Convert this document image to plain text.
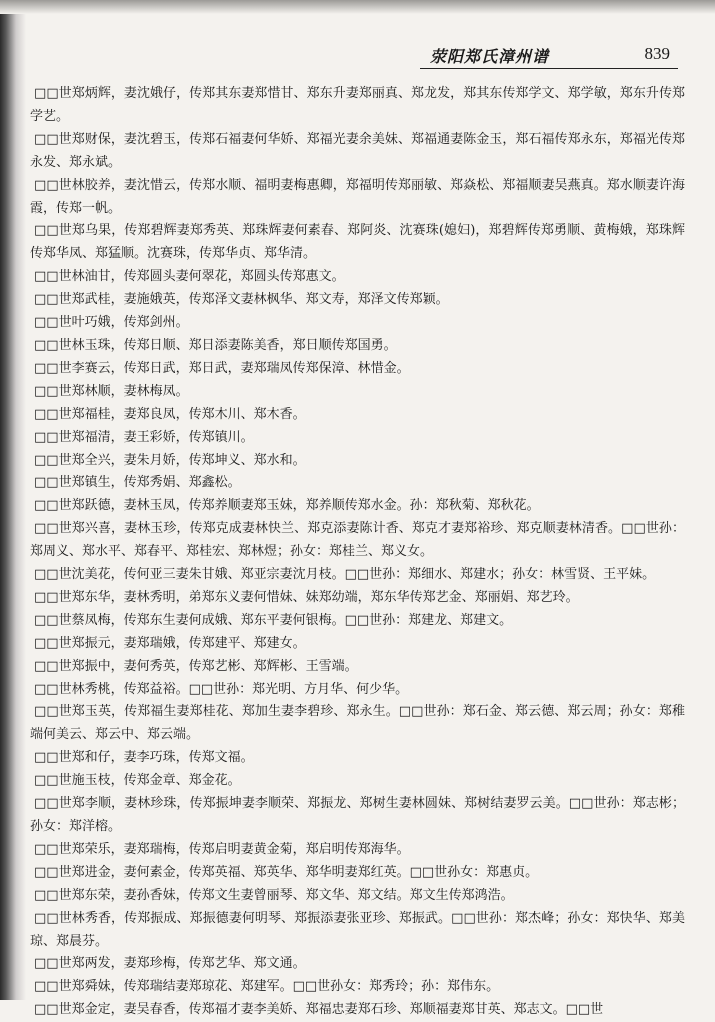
荥阳郑氏漳州谱	839

□□世郑炳辉，妻沈娥仔，传郑其东妻郑惜甘、郑东升妻郑丽真、郑龙发，郑其东传郑学文、郑学敏，郑东升传郑学艺。

□□世郑财保，妻沈碧玉，传郑石福妻何华娇、郑福光妻余美妹、郑福通妻陈金玉，郑石福传郑永东，郑福光传郑永发、郑永斌。

□□世林胶养，妻沈惜云，传郑水顺、福明妻梅惠卿，郑福明传郑丽敏、郑焱松、郑福顺妻吴燕真。郑水顺妻许海霞，传郑一帆。

□□世郑乌果，传郑碧辉妻郑秀英、郑珠辉妻何素春、郑阿炎、沈赛珠(媳妇)，郑碧辉传郑勇顺、黄梅娥，郑珠辉传郑华凤、郑猛顺。沈赛珠，传郑华贞、郑华清。

□□世林油甘，传郑圆头妻何翠花，郑圆头传郑惠文。

□□世郑武桂，妻施娥英，传郑泽文妻林枫华、郑文寿，郑泽文传郑颖。

□□世叶巧娥，传郑剑州。

□□世林玉珠，传郑日顺、郑日添妻陈美香，郑日顺传郑国勇。

□□世李赛云，传郑日武，郑日武，妻郑瑞凤传郑保漳、林惜金。

□□世郑林顺，妻林梅凤。

□□世郑福桂，妻郑良凤，传郑木川、郑木香。

□□世郑福清，妻王彩娇，传郑镇川。

□□世郑全兴，妻朱月娇，传郑坤义、郑水和。

□□世郑镇生，传郑秀娟、郑鑫松。

□□世郑跃德，妻林玉凤，传郑养顺妻郑玉妹，郑养顺传郑水金。孙：郑秋菊、郑秋花。

□□世郑兴喜，妻林玉珍，传郑克成妻林快兰、郑克添妻陈计香、郑克才妻郑裕珍、郑克顺妻林清香。□□世孙：郑周义、郑水平、郑春平、郑桂宏、郑林煜；孙女：郑桂兰、郑义女。

□□世沈美花，传何亚三妻朱甘娥、郑亚宗妻沈月枝。□□世孙：郑细水、郑建水；孙女：林雪贤、王平妹。

□□世郑东华，妻林秀明，弟郑东义妻何惜妹、妹郑幼端，郑东华传郑艺金、郑丽娟、郑艺玲。

□□世蔡凤梅，传郑东生妻何成娥、郑东平妻何银梅。□□世孙：郑建龙、郑建文。

□□世郑振元，妻郑瑞娥，传郑建平、郑建女。

□□世郑振中，妻何秀英，传郑艺彬、郑辉彬、王雪端。

□□世林秀桃，传郑益裕。□□世孙：郑光明、方月华、何少华。

□□世郑玉英，传郑福生妻郑桂花、郑加生妻李碧珍、郑永生。□□世孙：郑石金、郑云德、郑云周；孙女：郑稚端何美云、郑云中、郑云端。

□□世郑和仔，妻李巧珠，传郑文福。

□□世施玉枝，传郑金章、郑金花。

□□世郑李顺，妻林珍珠，传郑振坤妻李顺荣、郑振龙、郑树生妻林圆妹、郑树结妻罗云美。□□世孙：郑志彬；孙女：郑洋榕。

□□世郑荣乐，妻郑瑞梅，传郑启明妻黄金菊，郑启明传郑海华。

□□世郑进金，妻何素金，传郑英福、郑英华、郑华明妻郑红英。□□世孙女：郑惠贞。

□□世郑东荣，妻孙香妹，传郑文生妻曾丽琴、郑文华、郑文结。郑文生传郑鸿浩。

□□世林秀香，传郑振成、郑振德妻何明琴、郑振添妻张亚珍、郑振武。□□世孙：郑杰峰；孙女：郑快华、郑美琼、郑晨芬。

□□世郑两发，妻郑珍梅，传郑艺华、郑文通。

□□世郑舜妹，传郑瑞结妻郑琼花、郑建军。□□世孙女：郑秀玲；孙：郑伟东。

□□世郑金定，妻吴春香，传郑福才妻李美娇、郑福忠妻郑石珍、郑顺福妻郑甘英、郑志文。□□世
